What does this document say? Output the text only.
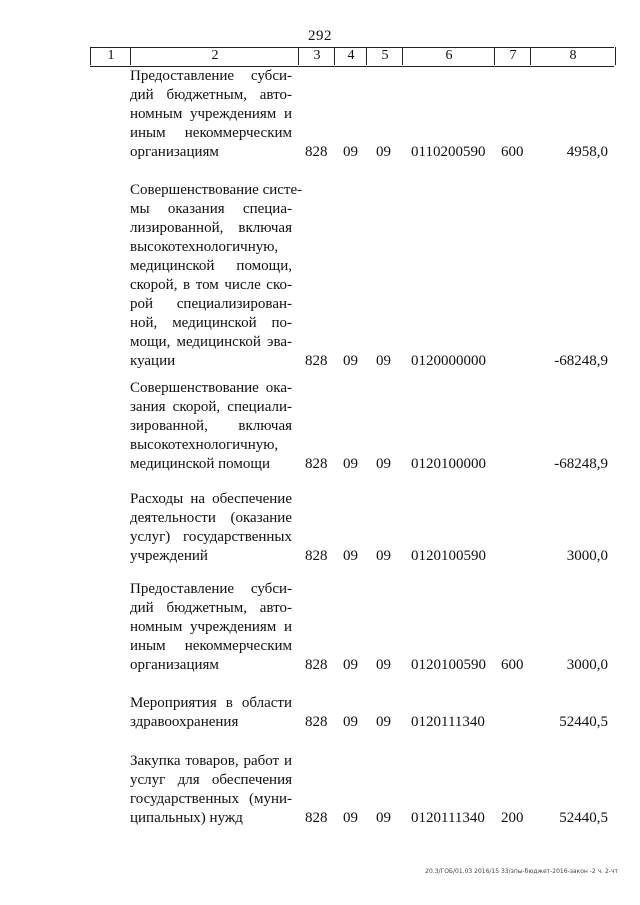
292
1	2	3	4	5	6	7	8
Предоставление субси-
дий бюджетным, авто-
номным учреждениям и
иным некоммерческим
организациям	828 09 09 0110200590 600	4958,0
Совершенствование систе-
мы оказания специа-
лизированной, включая
высокотехнологичную,
медицинской помощи,
скорой, в том числе ско-
рой специализирован-
ной, медицинской по-
мощи, медицинской эва-
куации	828 09 09 0120000000	-68248,9
Совершенствование ока-
зания скорой, специали-
зированной, включая
высокотехнологичную,
медицинской помощи	828 09 09 0120100000	-68248,9
Расходы на обеспечение
деятельности (оказание
услуг) государственных
учреждений	828 09 09 0120100590	3000,0
Предоставление субси-
дий бюджетным, авто-
номным учреждениям и
иным некоммерческим
организациям	828 09 09 0120100590 600	3000,0
Мероприятия в области
здравоохранения	828 09 09 0120111340	52440,5
Закупка товаров, работ и
услуг для обеспечения
государственных (муни-
ципальных) нужд	828 09 09 0120111340 200 52440,5
20.3/ГОБ/01.03 2016/15 33/зпы-бюджет-2016-закон -2 ч. 2-чт
